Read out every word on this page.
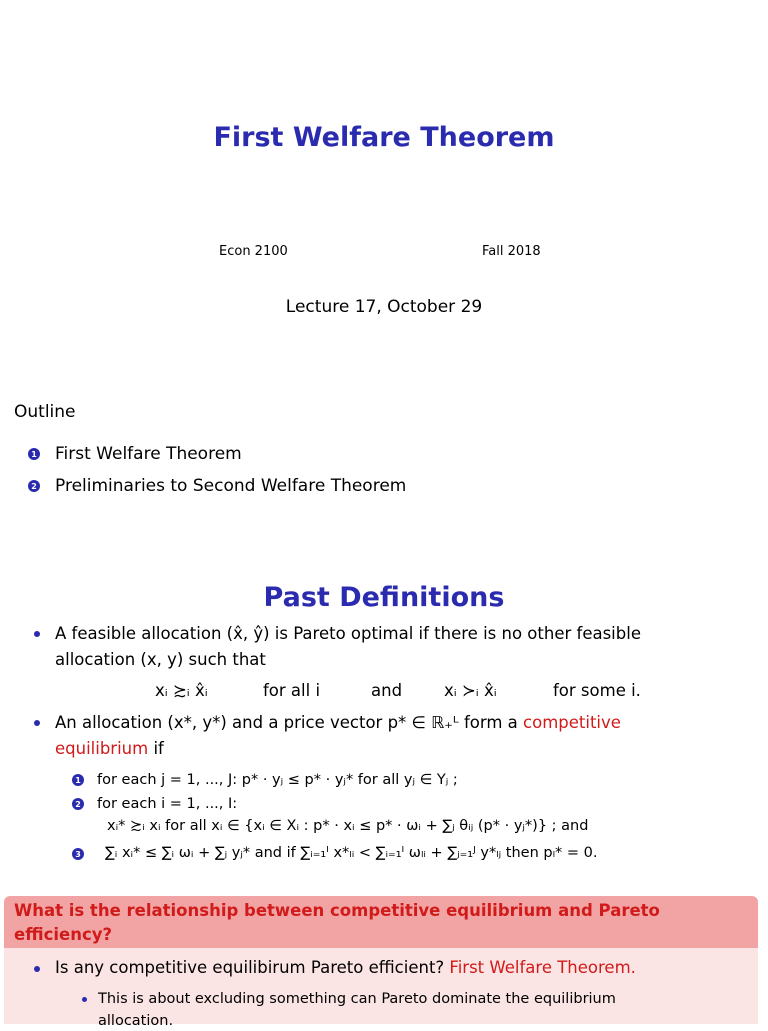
First Welfare Theorem
Econ 2100	Fall 2018
Lecture 17, October 29
Outline
1 First Welfare Theorem
2 Preliminaries to Second Welfare Theorem
Past Definitions
A feasible allocation (x̂, ŷ) is Pareto optimal if there is no other feasible
allocation (x, y) such that
xᵢ ≿ᵢ x̂ᵢ	for all i	and	xᵢ ≻ᵢ x̂ᵢ	for some i.
An allocation (x*, y*) and a price vector p* ∈ ℝ₊ᴸ form a competitive
equilibrium if
1 for each j = 1, ..., J: p* · yⱼ ≤ p* · yⱼ* for all yⱼ ∈ Yⱼ ;
2 for each i = 1, ..., I:
xᵢ* ≿ᵢ xᵢ for all xᵢ ∈ {xᵢ ∈ Xᵢ : p* · xᵢ ≤ p* · ωᵢ + ∑ⱼ θᵢⱼ (p* · yⱼ*)} ; and
3 ∑ᵢ xᵢ* ≤ ∑ᵢ ωᵢ + ∑ⱼ yⱼ* and if ∑ᵢ₌₁ᴵ x*ₗᵢ < ∑ᵢ₌₁ᴵ ωₗᵢ + ∑ⱼ₌₁ᴶ y*ₗⱼ then pₗ* = 0.
What is the relationship between competitive equilibrium and Pareto efficiency?
Is any competitive equilibirum Pareto efficient? First Welfare Theorem.
This is about excluding something can Pareto dominate the equilibrium
allocation.
